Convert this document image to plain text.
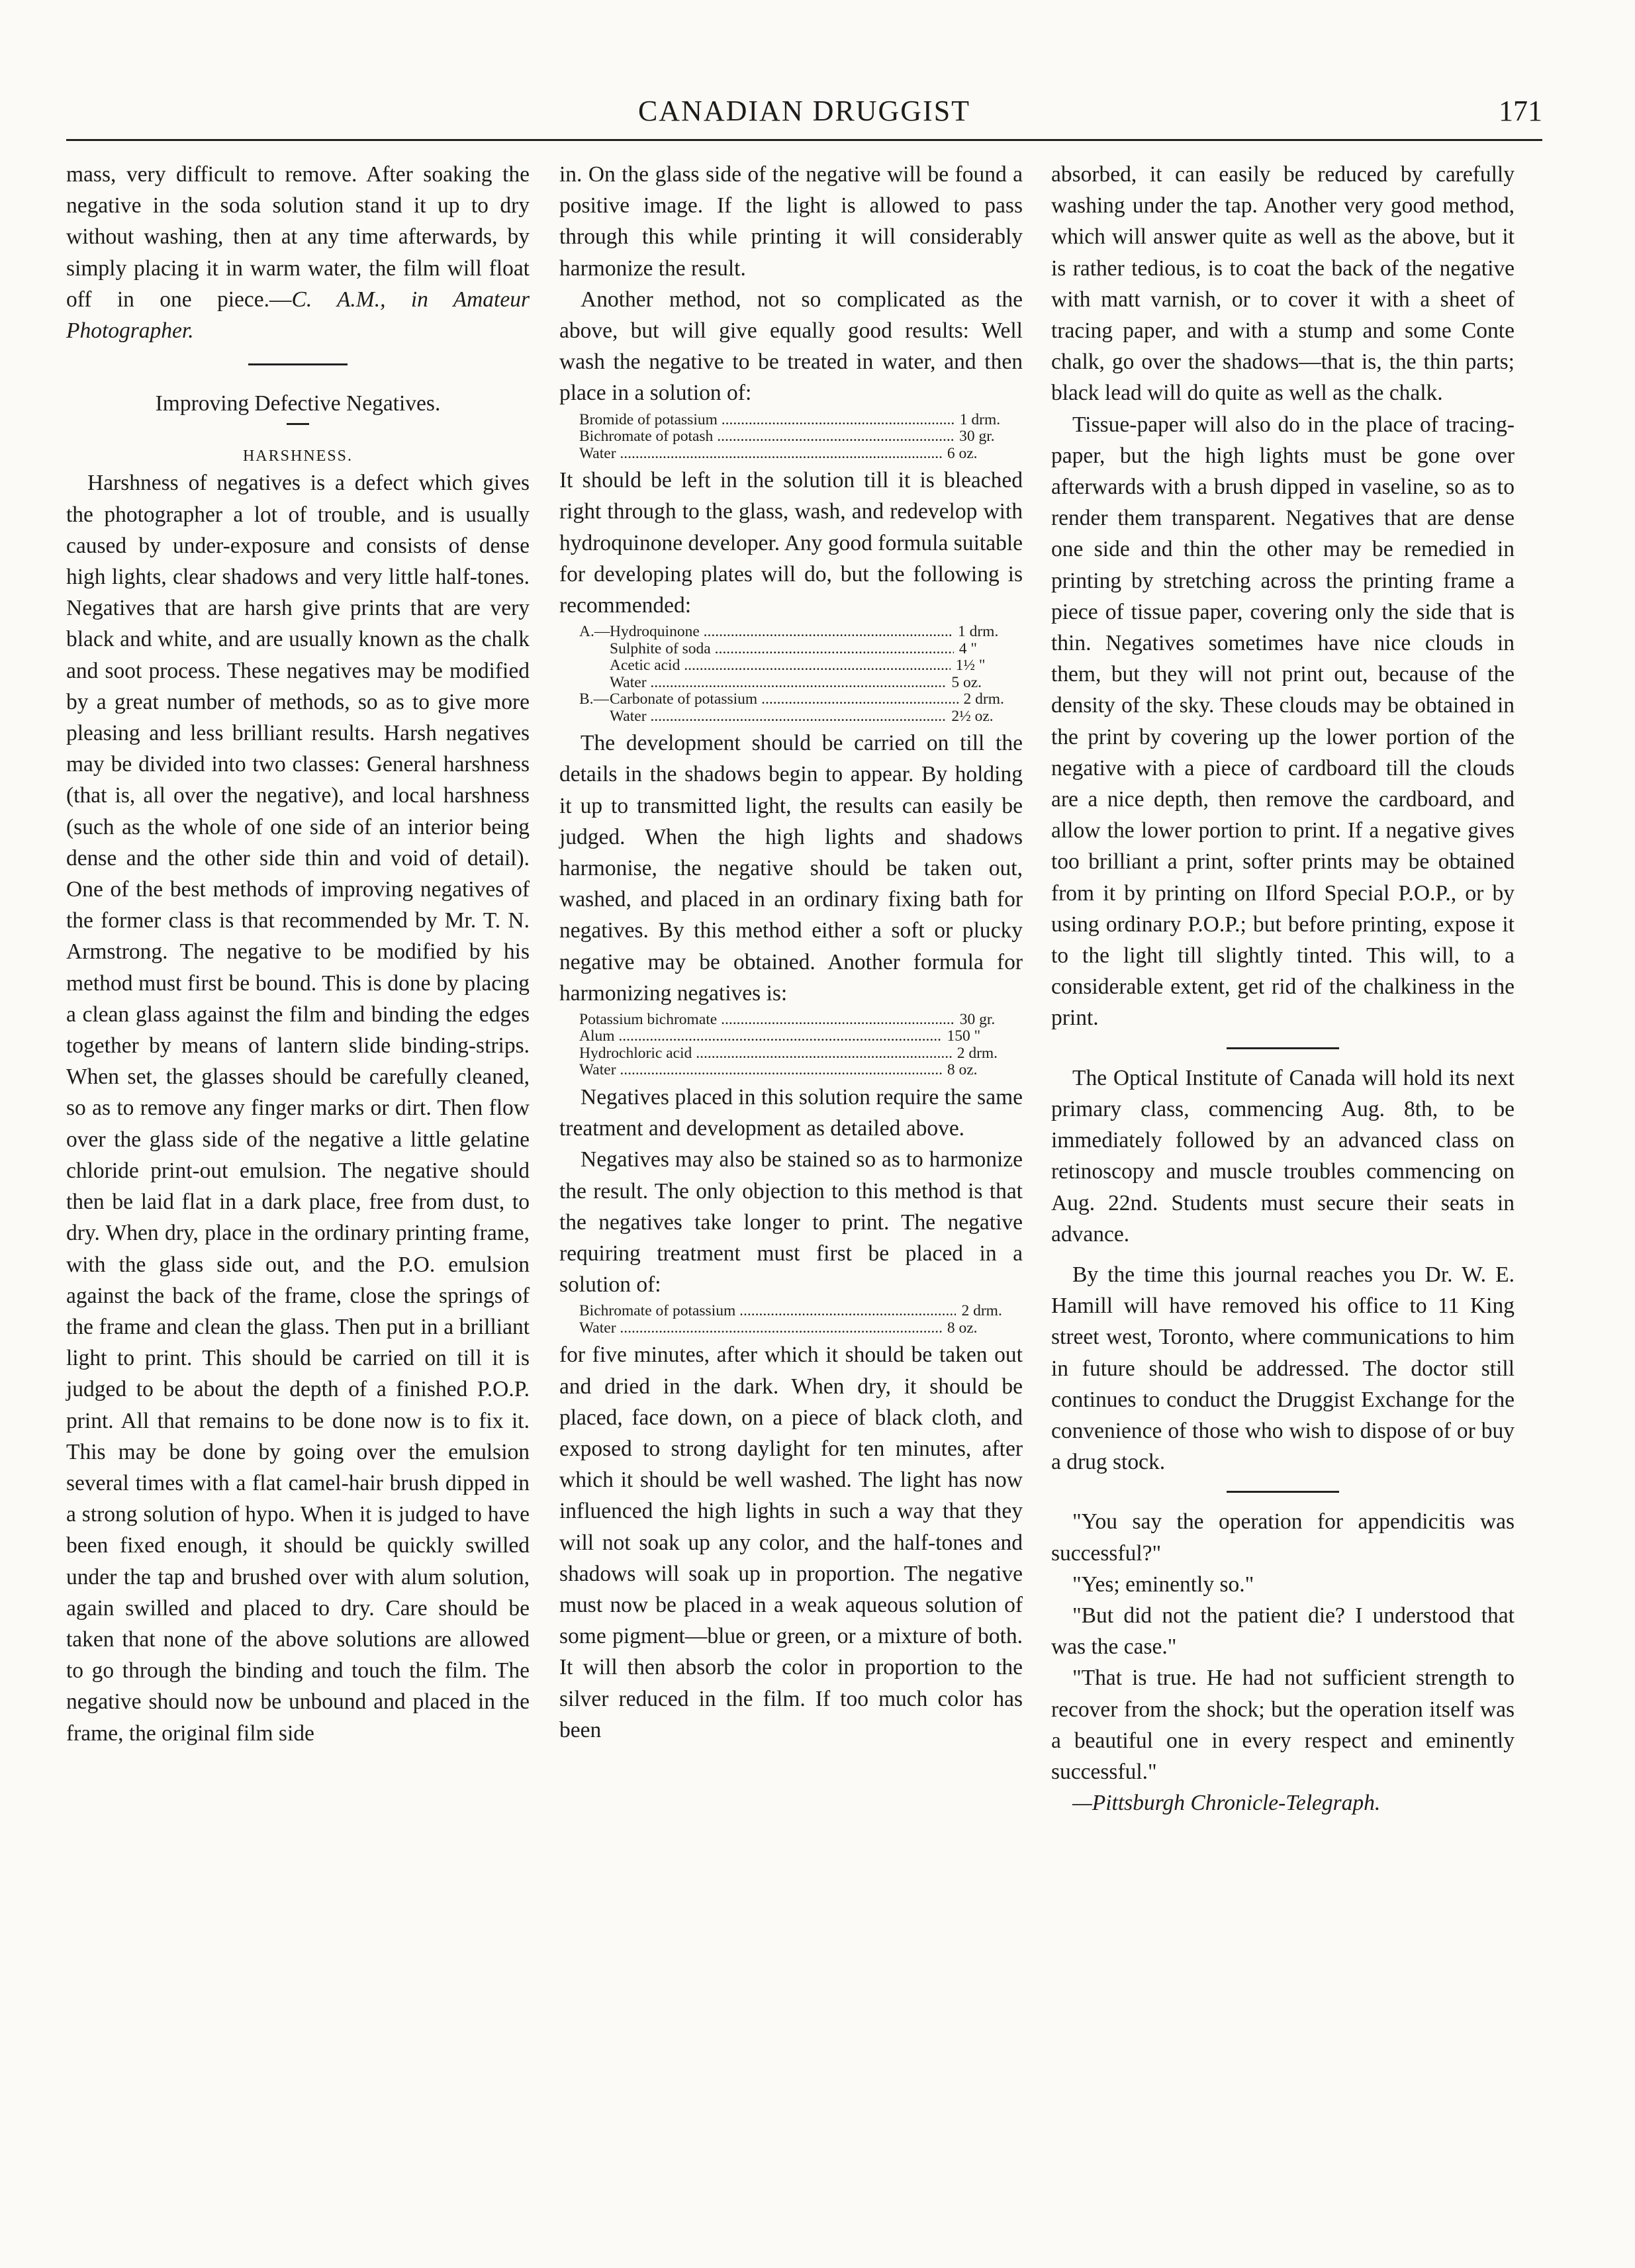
CANADIAN DRUGGIST	171

mass, very difficult to remove. After soaking the negative in the soda solution stand it up to dry without washing, then at any time afterwards, by simply placing it in warm water, the film will float off in one piece.—C. A.M., in Amateur Photographer.

Improving Defective Negatives.
HARSHNESS.

Harshness of negatives is a defect which gives the photographer a lot of trouble, and is usually caused by under-exposure and consists of dense high lights, clear shadows and very little half-tones. Negatives that are harsh give prints that are very black and white, and are usually known as the chalk and soot process. These negatives may be modified by a great number of methods, so as to give more pleasing and less brilliant results. Harsh negatives may be divided into two classes: General harshness (that is, all over the negative), and local harshness (such as the whole of one side of an interior being dense and the other side thin and void of detail). One of the best methods of improving negatives of the former class is that recommended by Mr. T. N. Armstrong. The negative to be modified by his method must first be bound. This is done by placing a clean glass against the film and binding the edges together by means of lantern slide binding-strips. When set, the glasses should be carefully cleaned, so as to remove any finger marks or dirt. Then flow over the glass side of the negative a little gelatine chloride print-out emulsion. The negative should then be laid flat in a dark place, free from dust, to dry. When dry, place in the ordinary printing frame, with the glass side out, and the P.O. emulsion against the back of the frame, close the springs of the frame and clean the glass. Then put in a brilliant light to print. This should be carried on till it is judged to be about the depth of a finished P.O.P. print. All that remains to be done now is to fix it. This may be done by going over the emulsion several times with a flat camel-hair brush dipped in a strong solution of hypo. When it is judged to have been fixed enough, it should be quickly swilled under the tap and brushed over with alum solution, again swilled and placed to dry. Care should be taken that none of the above solutions are allowed to go through the binding and touch the film. The negative should now be unbound and placed in the frame, the original film side

in. On the glass side of the negative will be found a positive image. If the light is allowed to pass through this while printing it will considerably harmonize the result.

Another method, not so complicated as the above, but will give equally good results: Well wash the negative to be treated in water, and then place in a solution of:

Bromide of potassium .....	1 drm.
Bichromate of potash .....	30 gr.
Water .....	6 oz.

It should be left in the solution till it is bleached right through to the glass, wash, and redevelop with hydroquinone developer. Any good formula suitable for developing plates will do, but the following is recommended:

A.—Hydroquinone .....	1 drm.
Sulphite of soda .....	4 "
Acetic acid .....	1½ "
Water .....	5 oz.
B.—Carbonate of potassium .....	2 drm.
Water .....	2½ oz.

The development should be carried on till the details in the shadows begin to appear. By holding it up to transmitted light, the results can easily be judged. When the high lights and shadows harmonise, the negative should be taken out, washed, and placed in an ordinary fixing bath for negatives. By this method either a soft or plucky negative may be obtained. Another formula for harmonizing negatives is:

Potassium bichromate .....	30 gr.
Alum .....	150 "
Hydrochloric acid .....	2 drm.
Water .....	8 oz.

Negatives placed in this solution require the same treatment and development as detailed above.

Negatives may also be stained so as to harmonize the result. The only objection to this method is that the negatives take longer to print. The negative requiring treatment must first be placed in a solution of:

Bichromate of potassium .....	2 drm.
Water .....	8 oz.

for five minutes, after which it should be taken out and dried in the dark. When dry, it should be placed, face down, on a piece of black cloth, and exposed to strong daylight for ten minutes, after which it should be well washed. The light has now influenced the high lights in such a way that they will not soak up any color, and the half-tones and shadows will soak up in proportion. The negative must now be placed in a weak aqueous solution of some pigment—blue or green, or a mixture of both. It will then absorb the color in proportion to the silver reduced in the film. If too much color has been

absorbed, it can easily be reduced by carefully washing under the tap. Another very good method, which will answer quite as well as the above, but it is rather tedious, is to coat the back of the negative with matt varnish, or to cover it with a sheet of tracing paper, and with a stump and some Conte chalk, go over the shadows—that is, the thin parts; black lead will do quite as well as the chalk.

Tissue-paper will also do in the place of tracing-paper, but the high lights must be gone over afterwards with a brush dipped in vaseline, so as to render them transparent. Negatives that are dense one side and thin the other may be remedied in printing by stretching across the printing frame a piece of tissue paper, covering only the side that is thin. Negatives sometimes have nice clouds in them, but they will not print out, because of the density of the sky. These clouds may be obtained in the print by covering up the lower portion of the negative with a piece of cardboard till the clouds are a nice depth, then remove the cardboard, and allow the lower portion to print. If a negative gives too brilliant a print, softer prints may be obtained from it by printing on Ilford Special P.O.P., or by using ordinary P.O.P.; but before printing, expose it to the light till slightly tinted. This will, to a considerable extent, get rid of the chalkiness in the print.

The Optical Institute of Canada will hold its next primary class, commencing Aug. 8th, to be immediately followed by an advanced class on retinoscopy and muscle troubles commencing on Aug. 22nd. Students must secure their seats in advance.

By the time this journal reaches you Dr. W. E. Hamill will have removed his office to 11 King street west, Toronto, where communications to him in future should be addressed. The doctor still continues to conduct the Druggist Exchange for the convenience of those who wish to dispose of or buy a drug stock.

"You say the operation for appendicitis was successful?"

"Yes; eminently so."

"But did not the patient die? I understood that was the case."

"That is true. He had not sufficient strength to recover from the shock; but the operation itself was a beautiful one in every respect and eminently successful."

—Pittsburgh Chronicle-Telegraph.
